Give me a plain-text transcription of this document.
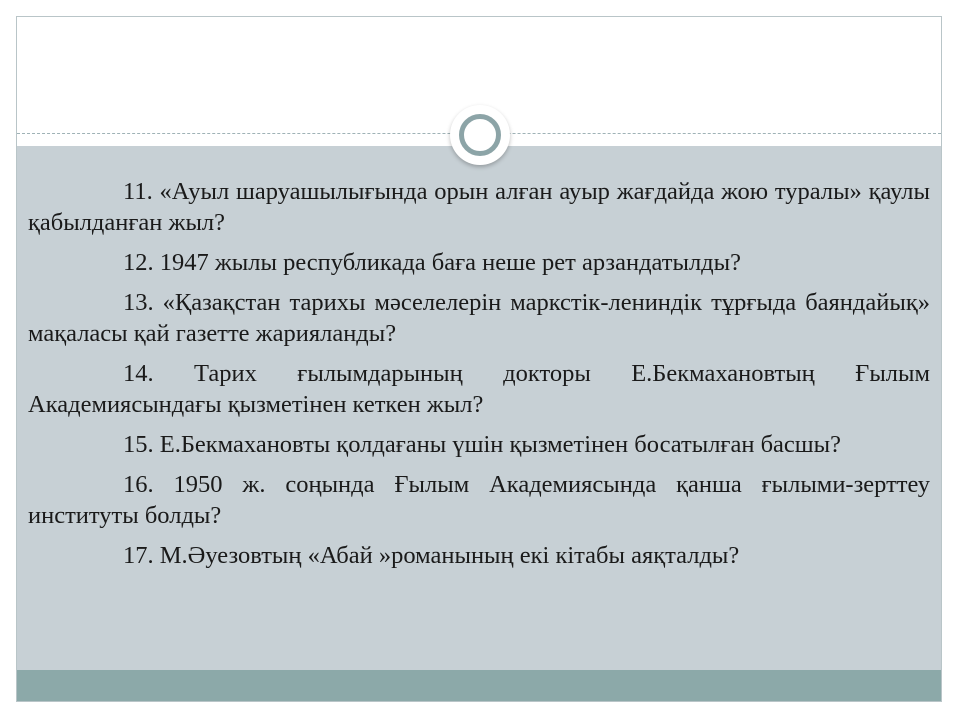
11. «Ауыл шаруашылығында орын алған ауыр жағдайда жою туралы» қаулы қабылданған жыл?
12. 1947 жылы республикада баға неше рет арзандатылды?
13. «Қазақстан тарихы мәселелерін маркстік-лениндік тұрғыда баяндайық» мақаласы қай газетте жарияланды?
14. Тарих ғылымдарының докторы Е.Бекмахановтың Ғылым Академиясындағы қызметінен кеткен жыл?
15. Е.Бекмахановты қолдағаны үшін қызметінен босатылған басшы?
16. 1950 ж. соңында Ғылым Академиясында қанша ғылыми-зерттеу институты болды?
17. М.Әуезовтың «Абай »романының екі кітабы аяқталды?
